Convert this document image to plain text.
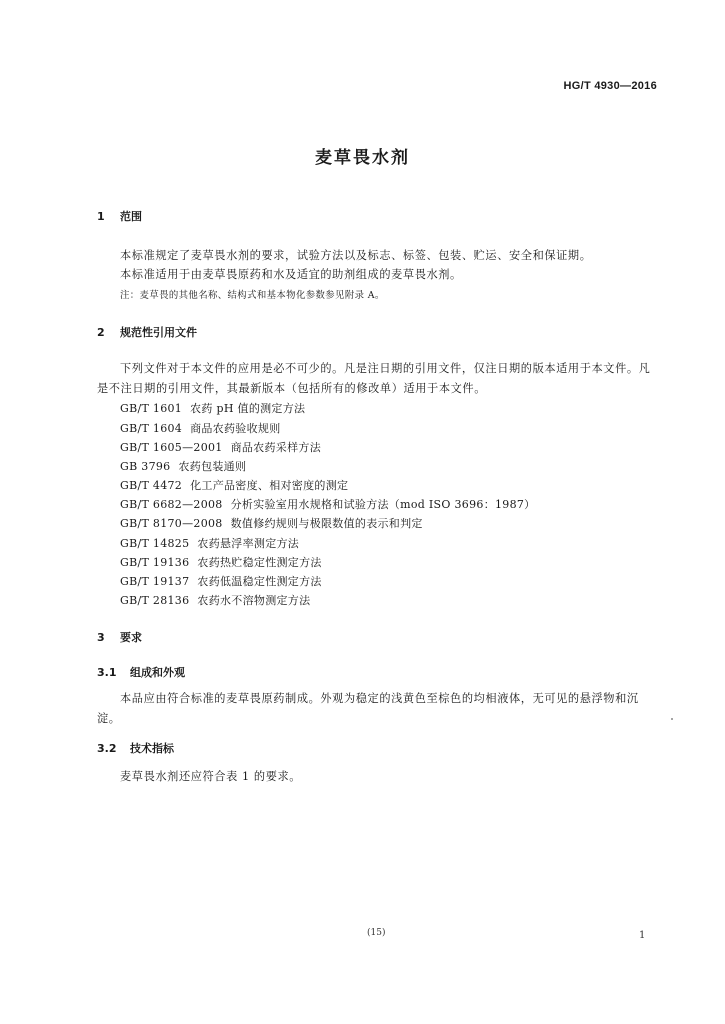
HG/T 4930—2016
麦草畏水剂
1 范围
本标准规定了麦草畏水剂的要求，试验方法以及标志、标签、包装、贮运、安全和保证期。
本标准适用于由麦草畏原药和水及适宜的助剂组成的麦草畏水剂。
注：麦草畏的其他名称、结构式和基本物化参数参见附录 A。
2 规范性引用文件
下列文件对于本文件的应用是必不可少的。凡是注日期的引用文件，仅注日期的版本适用于本文件。凡是不注日期的引用文件，其最新版本（包括所有的修改单）适用于本文件。
GB/T 1601 农药 pH 值的测定方法
GB/T 1604 商品农药验收规则
GB/T 1605—2001 商品农药采样方法
GB 3796 农药包装通则
GB/T 4472 化工产品密度、相对密度的测定
GB/T 6682—2008 分析实验室用水规格和试验方法（mod ISO 3696：1987）
GB/T 8170—2008 数值修约规则与极限数值的表示和判定
GB/T 14825 农药悬浮率测定方法
GB/T 19136 农药热贮稳定性测定方法
GB/T 19137 农药低温稳定性测定方法
GB/T 28136 农药水不溶物测定方法
3 要求
3.1 组成和外观
本品应由符合标准的麦草畏原药制成。外观为稳定的浅黄色至棕色的均相液体，无可见的悬浮物和沉淀。
3.2 技术指标
麦草畏水剂还应符合表 1 的要求。
(15)	1
